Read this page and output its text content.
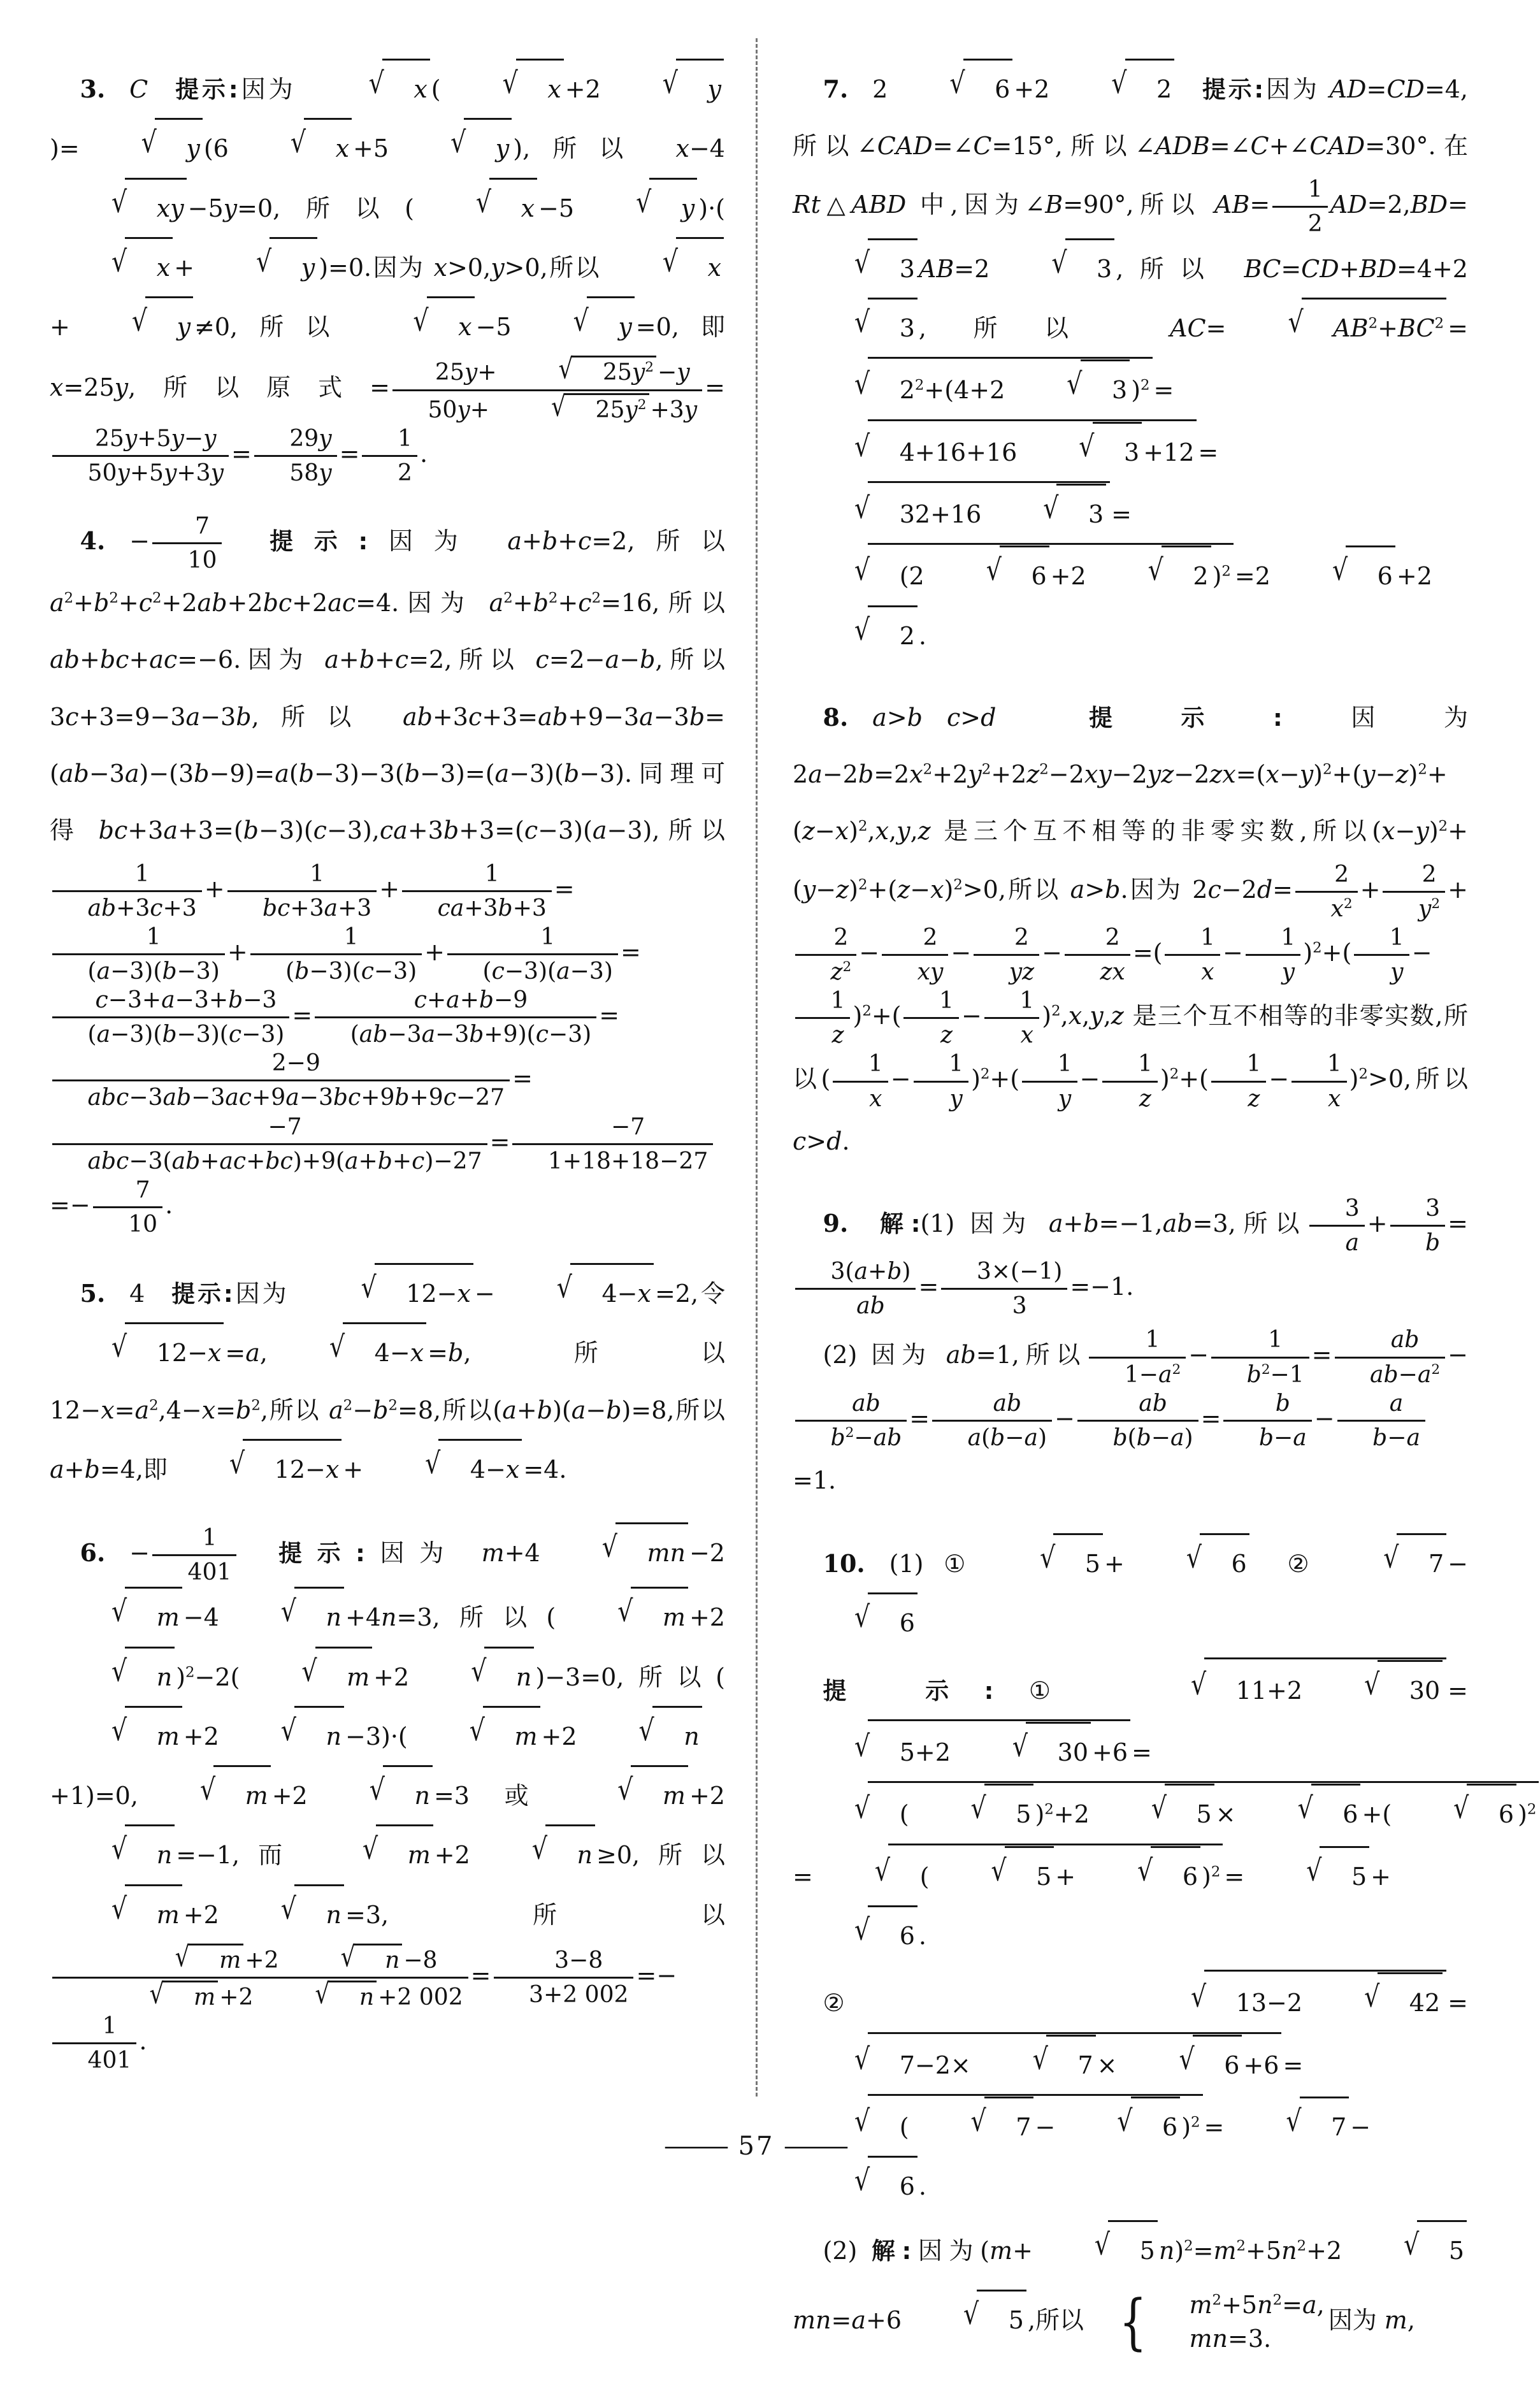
3.  C  提示:因为	√ x (	√ x +2	√ y)=	√ y (6	√ x +5	√ y ),所以 x−4√ xy −5y=0,所以(	√ x −5	√ y )·(√ x +	√ y )=0.因为 x>0,y>0,所以	√ x+	√ y ≠0,所以	√ x −5	√ y =0,即 x=25y,所以原式= 25y+	√ $25y^2 -y$
50y+	√ $25y^2 +3y$ =
$\frac{25y+5y-y}{50y+5y+3y} = \frac{29y}{58y} = \frac{1}{2}$ .
4. − $\frac{7}{10}$
  提示:因为 a+b+c=2,所以 $a^2+b^2+c^2+2ab+2bc+2ac=4$.因为 $a^2+b^2+c^2=16$,所以 ab+bc+ac=−6.因为 a+b+c=2,所以 c=2−a−b,所以 3c+3=9−3a−3b,所以 ab+3c+3=ab+9−3a−3b=(ab−3a)−(3b−9)=a(b−3)−3(b−3)=(a−3)(b−3).同理可得 bc+3a+3=(b−3)(c−3),ca+3b+3=(c−3)(a−3),所以
$\frac{1}{ab+3c+3} + \frac{1}{bc+3a+3} + \frac{1}{ca+3b+3}$ =
$\frac{1}{(a-3)(b-3)} + \frac{1}{(b-3)(c-3)} + \frac{1}{(c-3)(a-3)}$ =
$\frac{c-3+a-3+b-3}{(a-3)(b-3)(c-3)} = \frac{c+a+b-9}{(ab-3a-3b+9)(c-3)}$ =
$\frac{2-9}{\text{abc−3ab−3ac+9a−3bc+9b+9c−27}}$ =
$\frac{-7}{\text{abc−3(ab+ac+bc)+9(a+b+c)−27}} = \frac{-7}{1+18+18-27}$
=− $\frac{7}{10}$ .
5. 4 提示:因为	√ 12−x −	√ 4−x =2,令√ 12−x =a,	√ 4−x =b,所以 $12-x=a^2,4-x=b^2$,所以 $a^2-b^2=8$,所以(a+b)(a−b)=8,所以 a+b=4,即	√ 12−x +	√ 4−x =4.
6. − $\frac{1}{401}$
  提示:因为 m+4	√ mn −2√ m −4	√ n +4n=3,所以(	√ m +2√ n )$^2$−2(	√ m +2	√ n )−3=0,所以(√ m +2	√ n −3)·(	√ m +2	√ n+1)=0,	√ m +2	√ n =3 或	√ m +2√ n =−1,而	√ m +2	√ n ≥0,所以√ m +2	√ n =3,所以
√ m +2	√ n −8
√ m +2	√ n +2 $002 = \frac{3-8}{3+2 002}$ =−
$\frac{1}{401}$ .
7. 2	√ 6 +2	√ 2  提示:因为 AD=CD=4,所以∠CAD=∠C=15°,所以∠ADB=∠C+∠CAD=30°.在 Rt△ABD 中,因为∠B=90°,所以 $AB= \frac{1}{2} AD=2,BD=√$ 3 AB=2	√ 3 ,所以 BC=CD+BD=4+2√ 3 ,所以 AC=	√ $AB^2+BC^2$ =√ $2^2+(4+2$	√ 3 )$^2$ =√ 4+16+16	√ 3 +12 =√ 32+16	√ 3 =√ (2	√ 6 +2	√ 2 )$^2$ =2	√ 6 +2√ 2 .
8.  a>b  c>d  提示:因为 $2a-2b=2x^2+2y^2+2z^2-2xy-2yz-2zx=(x-y)^2+(y-z)^2+(z-x)^2,x,y,z$ 是三个互不相等的非零实数,所以$(x-y)^2+(y-z)^2+(z-x)^2>0$,所以 a>b.因为 $2c-2d= \frac{2}{x^2} + \frac{2}{y^2}$ +
$\frac{2}{z^2} - \frac{2}{xy} - \frac{2}{yz} - \frac{2}{zx}$ =( $\frac{1}{x} - \frac{1}{y} )^2+( \frac{1}{y}$ −
$\frac{1}{z} )^2+( \frac{1}{z} - \frac{1}{x} )^2,x,y,z$ 是三个互不相等的非零实数,所以( $\frac{1}{x} - \frac{1}{y} )^2+( \frac{1}{y} - \frac{1}{z} )^2+( \frac{1}{z} - \frac{1}{x} )^2>0$,所以 c>d.
9.  解:(1) 因为 a+b=−1,ab=3,所以 $\frac{3}{a} + \frac{3}{b}$ =
$\frac{3(a+b)}{ab} = \frac{3\times(-1)}{3} =-1$.
(2) 因为 ab=1,所以 $\frac{1}{1-a^2} - \frac{1}{b^2-1} = \frac{ab}{ab-a^2}$ −
$\frac{ab}{b^2-ab} = \frac{ab}{a(b-a)} - \frac{ab}{b(b-a)} = \frac{b}{b-a} - \frac{a}{b-a}$
=1.
10. (1) ①	√ 5 +	√ 6 ②	√ 7 −√ 6
提 示:①	√ 11+2	√ 30 =√ 5+2	√ 30 +6 =√ (	√ 5 )$^2$+2	√ 5 ×	√ 6 +(	√ 6 )$^2$=	√ (	√ 5 +	√ 6 )$^2$ =	√ 5 +√ 6 .
②	√ 13−2	√ 42 =√ 7−2×	√ 7 ×	√ 6 +6 =√ (	√ 7 −	√ 6 )$^2$ =	√ 7 −√ 6 .
(2) 解:因为(m+	√ 5 $n)^2=m^2+5n^2+2$	√ 5mn=a+6	√ 5 ,所以 {	$m^2+5n^2=a$,
mn=3.
因为 m,
— 57 —
